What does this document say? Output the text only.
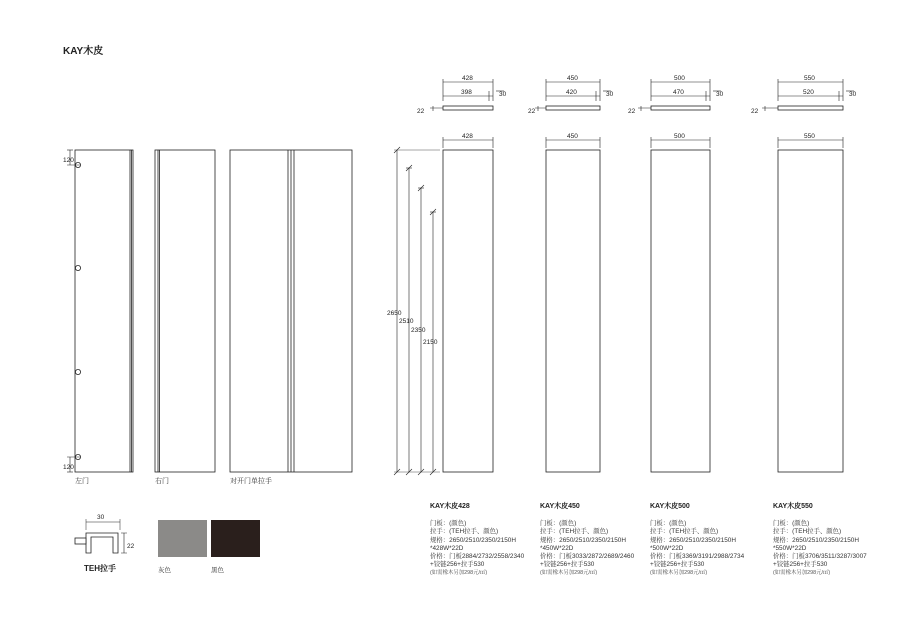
KAY木皮
120
120
2650
2510
2350
2150
428
398	30
22
428
450
420	30
22
450
500
470	30
22
500
550
520	30
22
550
30
22
左门	右门	对开门单拉手
KAY木皮428
门板：(颜色)
拉手：(TEH拉手、颜色)
规格：2650/2510/2350/2150H
*428W*22D
价格：门板2884/2732/2558/2340
+铰链256+拉手530
(如需橡木另加298元/㎡)
KAY木皮450
门板：(颜色)
拉手：(TEH拉手、颜色)
规格：2650/2510/2350/2150H
*450W*22D
价格：门板3033/2872/2689/2460
+铰链256+拉手530
(如需橡木另加298元/㎡)
KAY木皮500
门板：(颜色)
拉手：(TEH拉手、颜色)
规格：2650/2510/2350/2150H
*500W*22D
价格：门板3369/3191/2988/2734
+铰链256+拉手530
(如需橡木另加298元/㎡)
KAY木皮550
门板：(颜色)
拉手：(TEH拉手、颜色)
规格：2650/2510/2350/2150H
*550W*22D
价格：门板3706/3511/3287/3007
+铰链256+拉手530
(如需橡木另加298元/㎡)
TEH拉手	灰色	黑色
